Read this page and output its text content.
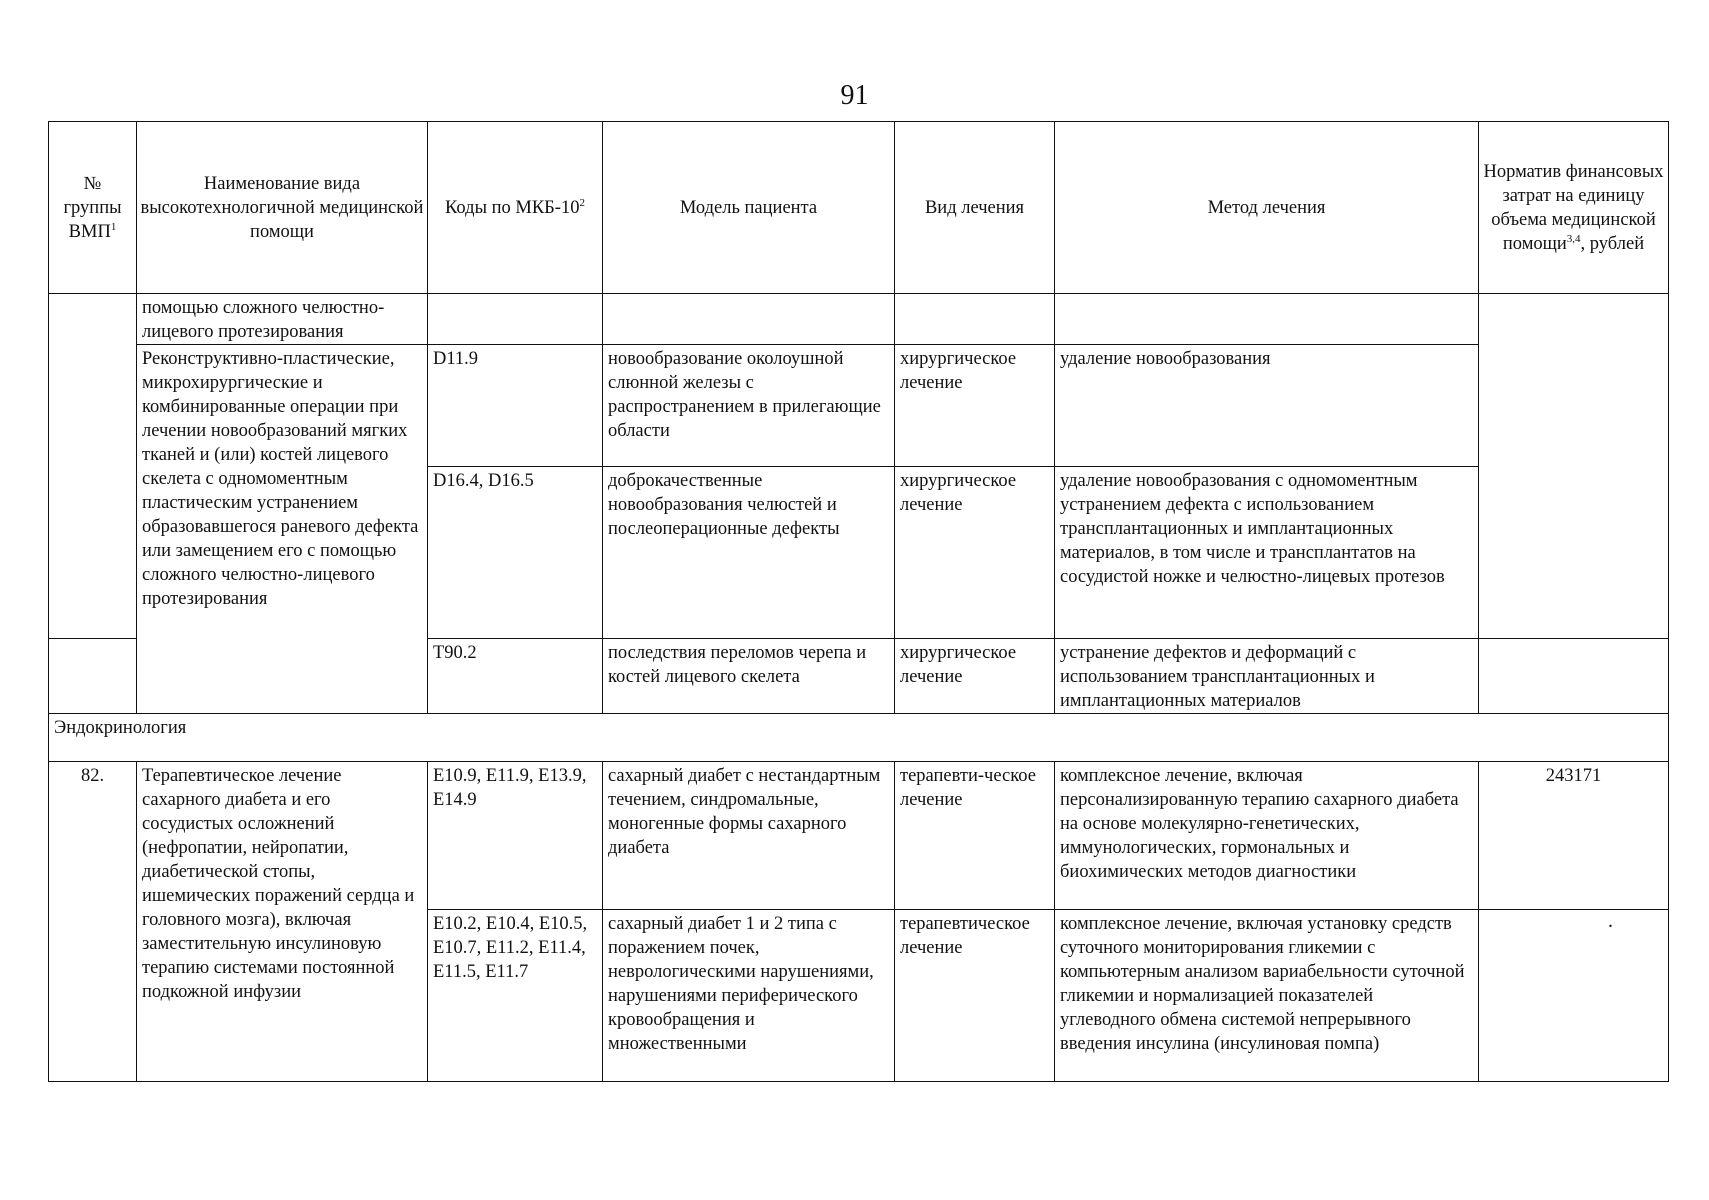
91
№
группы
ВМП$^1$	Наименование вида высокотехнологичной медицинской помощи	Коды по МКБ-$10^2$	Модель пациента	Вид лечения	Метод лечения	Норматив финансовых затрат на единицу объема медицинской помощи$^{3,4}$, рублей
	помощью сложного челюстно-лицевого протезирования					
	Реконструктивно-пластические, микрохирургические и комбинированные операции при лечении новообразований мягких тканей и (или) костей лицевого скелета с одномоментным пластическим устранением образовавшегося раневого дефекта или замещением его с помощью сложного челюстно-лицевого протезирования	D11.9	новообразование околоушной слюнной железы с распространением в прилегающие области	хирургическое лечение	удаление новообразования	
		D16.4, D16.5	доброкачественные новообразования челюстей и послеоперационные дефекты	хирургическое лечение	удаление новообразования с одномоментным устранением дефекта с использованием трансплантационных и имплантационных материалов, в том числе и трансплантатов на сосудистой ножке и челюстно-лицевых протезов	
		T90.2	последствия переломов черепа и костей лицевого скелета	хирургическое лечение	устранение дефектов и деформаций с использованием трансплантационных и имплантационных материалов	
Эндокринология						
82.	Терапевтическое лечение сахарного диабета и его сосудистых осложнений (нефропатии, нейропатии, диабетической стопы, ишемических поражений сердца и головного мозга), включая заместительную инсулиновую терапию системами постоянной подкожной инфузии	E10.9, E11.9, E13.9, E14.9	сахарный диабет с нестандартным течением, синдромальные, моногенные формы сахарного диабета	терапевти-ческое лечение	комплексное лечение, включая персонализированную терапию сахарного диабета на основе молекулярно-генетических, иммунологических, гормональных и биохимических методов диагностики	243171
		E10.2, E10.4, E10.5, E10.7, E11.2, E11.4, E11.5, E11.7	сахарный диабет 1 и 2 типа с поражением почек, неврологическими нарушениями, нарушениями периферического кровообращения и множественными	терапевтическое лечение	комплексное лечение, включая установку средств суточного мониторирования гликемии с компьютерным анализом вариабельности суточной гликемии и нормализацией показателей углеводного обмена системой непрерывного введения инсулина (инсулиновая помпа)	.
